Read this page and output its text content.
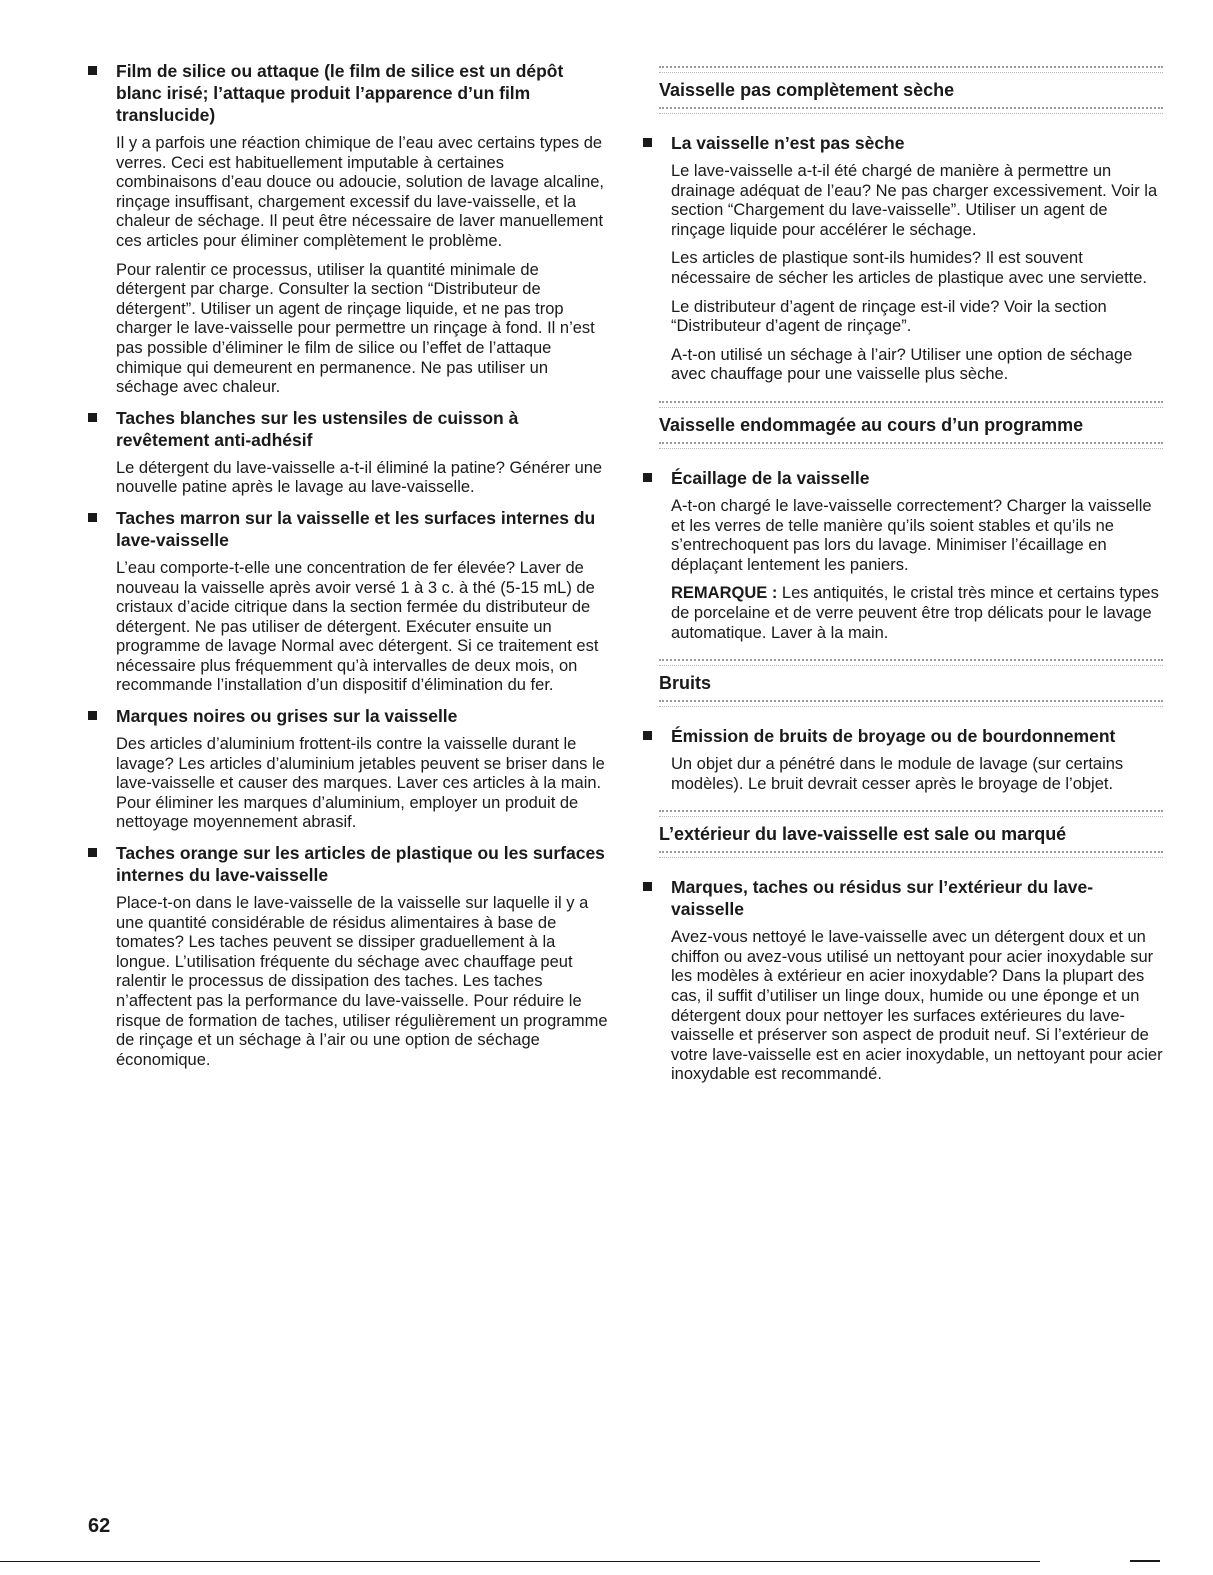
Film de silice ou attaque (le film de silice est un dépôt blanc irisé; l’attaque produit l’apparence d’un film translucide)

Il y a parfois une réaction chimique de l’eau avec certains types de verres. Ceci est habituellement imputable à certaines combinaisons d’eau douce ou adoucie, solution de lavage alcaline, rinçage insuffisant, chargement excessif du lave-vaisselle, et la chaleur de séchage. Il peut être nécessaire de laver manuellement ces articles pour éliminer complètement le problème.

Pour ralentir ce processus, utiliser la quantité minimale de détergent par charge. Consulter la section “Distributeur de détergent”. Utiliser un agent de rinçage liquide, et ne pas trop charger le lave-vaisselle pour permettre un rinçage à fond. Il n’est pas possible d’éliminer le film de silice ou l’effet de l’attaque chimique qui demeurent en permanence. Ne pas utiliser un séchage avec chaleur.

Taches blanches sur les ustensiles de cuisson à revêtement anti-adhésif

Le détergent du lave-vaisselle a-t-il éliminé la patine? Générer une nouvelle patine après le lavage au lave-vaisselle.

Taches marron sur la vaisselle et les surfaces internes du lave-vaisselle

L’eau comporte-t-elle une concentration de fer élevée? Laver de nouveau la vaisselle après avoir versé 1 à 3 c. à thé (5-15 mL) de cristaux d’acide citrique dans la section fermée du distributeur de détergent. Ne pas utiliser de détergent. Exécuter ensuite un programme de lavage Normal avec détergent. Si ce traitement est nécessaire plus fréquemment qu’à intervalles de deux mois, on recommande l’installation d’un dispositif d’élimination du fer.

Marques noires ou grises sur la vaisselle

Des articles d’aluminium frottent-ils contre la vaisselle durant le lavage? Les articles d’aluminium jetables peuvent se briser dans le lave-vaisselle et causer des marques. Laver ces articles à la main. Pour éliminer les marques d’aluminium, employer un produit de nettoyage moyennement abrasif.

Taches orange sur les articles de plastique ou les surfaces internes du lave-vaisselle

Place-t-on dans le lave-vaisselle de la vaisselle sur laquelle il y a une quantité considérable de résidus alimentaires à base de tomates? Les taches peuvent se dissiper graduellement à la longue. L’utilisation fréquente du séchage avec chauffage peut ralentir le processus de dissipation des taches. Les taches n’affectent pas la performance du lave-vaisselle. Pour réduire le risque de formation de taches, utiliser régulièrement un programme de rinçage et un séchage à l’air ou une option de séchage économique.

Vaisselle pas complètement sèche

La vaisselle n’est pas sèche

Le lave-vaisselle a-t-il été chargé de manière à permettre un drainage adéquat de l’eau? Ne pas charger excessivement. Voir la section “Chargement du lave-vaisselle”. Utiliser un agent de rinçage liquide pour accélérer le séchage.

Les articles de plastique sont-ils humides? Il est souvent nécessaire de sécher les articles de plastique avec une serviette.

Le distributeur d’agent de rinçage est-il vide? Voir la section “Distributeur d’agent de rinçage”.

A-t-on utilisé un séchage à l’air? Utiliser une option de séchage avec chauffage pour une vaisselle plus sèche.

Vaisselle endommagée au cours d’un programme

Écaillage de la vaisselle

A-t-on chargé le lave-vaisselle correctement? Charger la vaisselle et les verres de telle manière qu’ils soient stables et qu’ils ne s’entrechoquent pas lors du lavage. Minimiser l’écaillage en déplaçant lentement les paniers.

REMARQUE : Les antiquités, le cristal très mince et certains types de porcelaine et de verre peuvent être trop délicats pour le lavage automatique. Laver à la main.

Bruits

Émission de bruits de broyage ou de bourdonnement

Un objet dur a pénétré dans le module de lavage (sur certains modèles). Le bruit devrait cesser après le broyage de l’objet.

L’extérieur du lave-vaisselle est sale ou marqué

Marques, taches ou résidus sur l’extérieur du lave-vaisselle

Avez-vous nettoyé le lave-vaisselle avec un détergent doux et un chiffon ou avez-vous utilisé un nettoyant pour acier inoxydable sur les modèles à extérieur en acier inoxydable? Dans la plupart des cas, il suffit d’utiliser un linge doux, humide ou une éponge et un détergent doux pour nettoyer les surfaces extérieures du lave-vaisselle et préserver son aspect de produit neuf. Si l’extérieur de votre lave-vaisselle est en acier inoxydable, un nettoyant pour acier inoxydable est recommandé.

62
